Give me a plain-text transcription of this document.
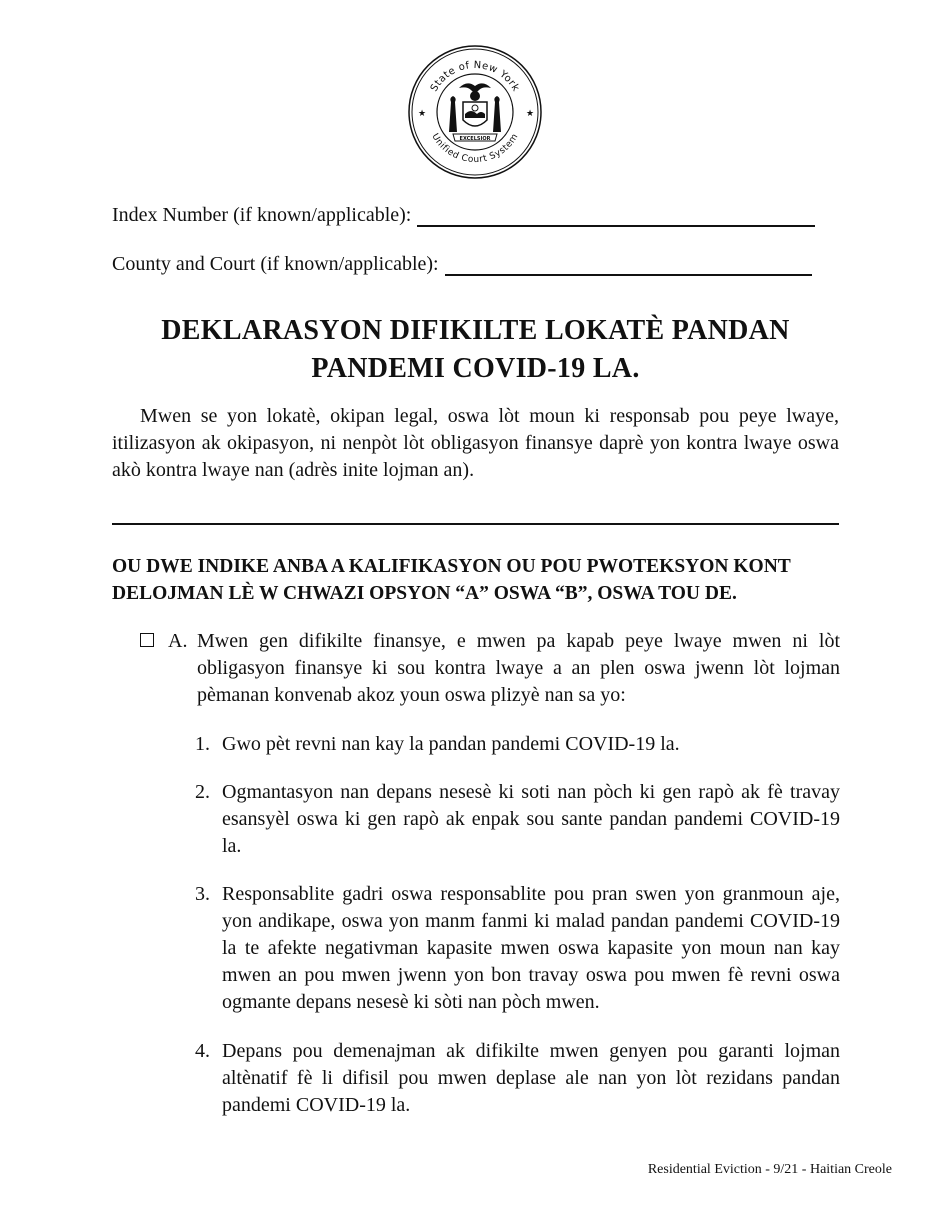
State of New York
Unified Court System
★	★
EXCELSIOR
Index Number (if known/applicable):
County and Court (if known/applicable):
DEKLARASYON DIFIKILTE LOKATÈ PANDAN
PANDEMI COVID-19 LA.

Mwen se yon lokatè, okipan legal, oswa lòt moun ki responsab pou peye lwaye, itilizasyon ak okipasyon, ni nenpòt lòt obligasyon finansye daprè yon kontra lwaye oswa akò kontra lwaye nan (adrès inite lojman an).

OU DWE INDIKE ANBA A KALIFIKASYON OU POU PWOTEKSYON KONT DELOJMAN LÈ W CHWAZI OPSYON “A” OSWA “B”, OSWA TOU DE.

A. Mwen gen difikilte finansye, e mwen pa kapab peye lwaye mwen ni lòt obligasyon finansye ki sou kontra lwaye a an plen oswa jwenn lòt lojman pèmanan konvenab akoz youn oswa plizyè nan sa yo:
1. Gwo pèt revni nan kay la pandan pandemi COVID-19 la.
2. Ogmantasyon nan depans nesesè ki soti nan pòch ki gen rapò ak fè travay esansyèl oswa ki gen rapò ak enpak sou sante pandan pandemi COVID-19 la.
3. Responsablite gadri oswa responsablite pou pran swen yon granmoun aje, yon andikape, oswa yon manm fanmi ki malad pandan pandemi COVID-19 la te afekte negativman kapasite mwen oswa kapasite yon moun nan kay mwen an pou mwen jwenn yon bon travay oswa pou mwen fè revni oswa ogmante depans nesesè ki sòti nan pòch mwen.
4. Depans pou demenajman ak difikilte mwen genyen pou garanti lojman altènatif fè li difisil pou mwen deplase ale nan yon lòt rezidans pandan pandemi COVID-19 la.
Residential Eviction - 9/21 - Haitian Creole
